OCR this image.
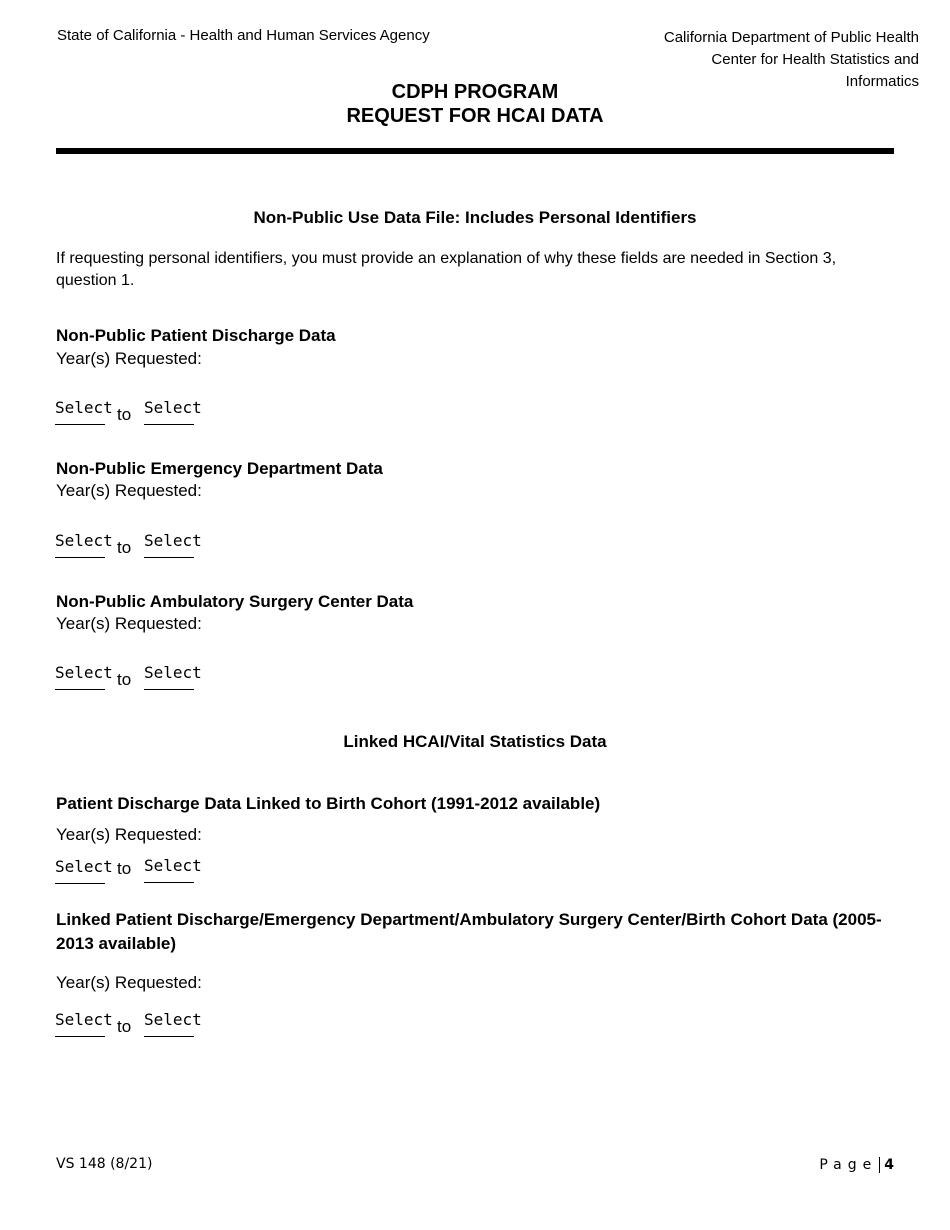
State of California - Health and Human Services Agency	California Department of Public Health
Center for Health Statistics and
Informatics
CDPH PROGRAM
REQUEST FOR HCAI DATA
Non-Public Use Data File: Includes Personal Identifiers
If requesting personal identifiers, you must provide an explanation of why these fields are needed in Section 3, question 1.
Non-Public Patient Discharge Data
Year(s) Requested:
Select to Select
Non-Public Emergency Department Data
Year(s) Requested:
Select to Select
Non-Public Ambulatory Surgery Center Data
Year(s) Requested:
Select to Select
Linked HCAI/Vital Statistics Data
Patient Discharge Data Linked to Birth Cohort (1991-2012 available)
Year(s) Requested:
Select to Select
Linked Patient Discharge/Emergency Department/Ambulatory Surgery Center/Birth Cohort Data (2005-2013 available)
Year(s) Requested:
Select to Select
VS 148 (8/21)	Page 4
